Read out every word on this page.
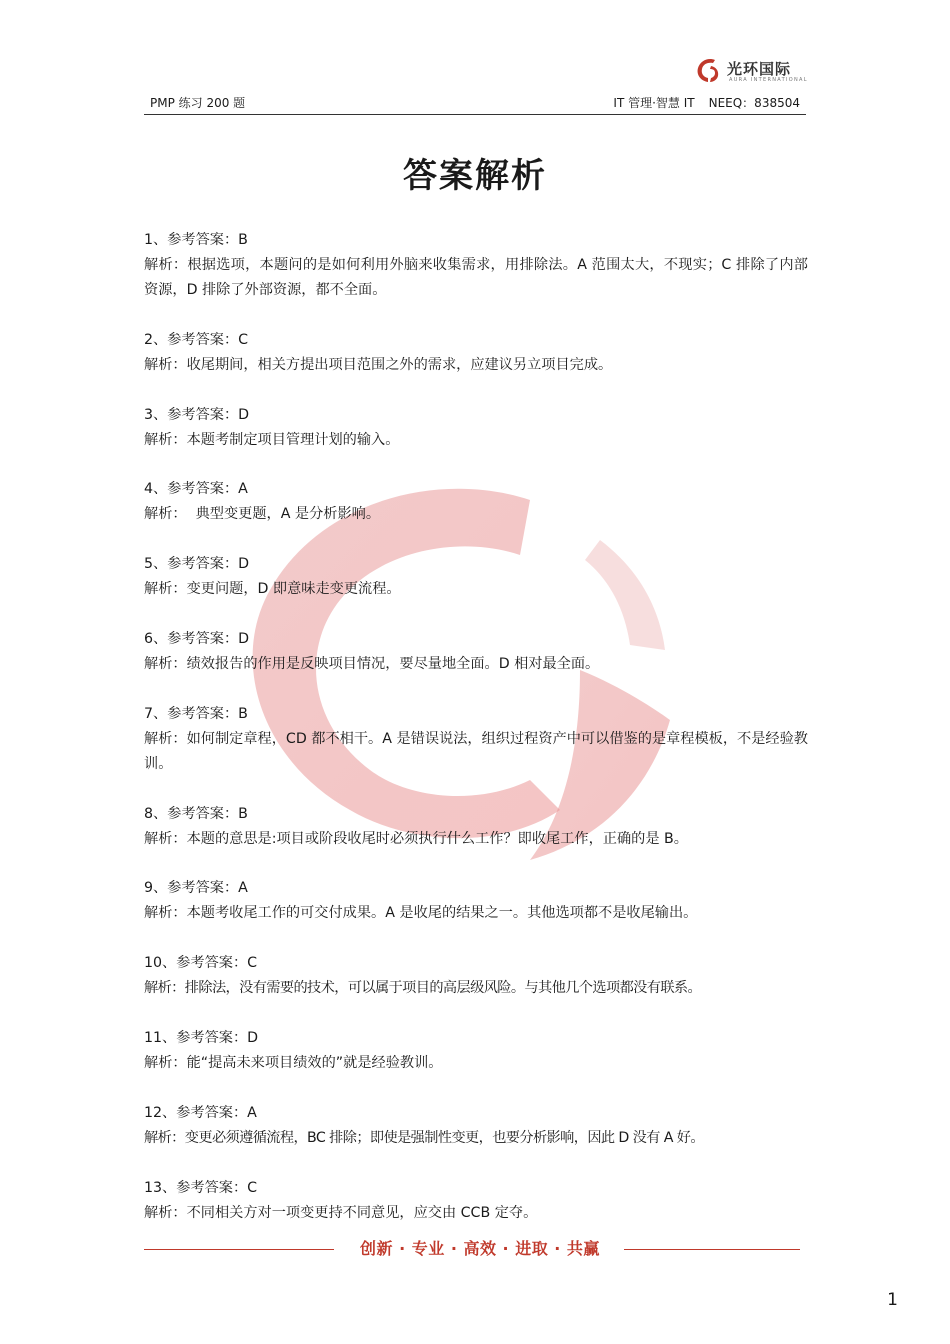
光环国际
AURA INTERNATIONAL
PMP 练习 200 题	IT 管理·智慧 IT NEEQ：838504
答案解析
1、参考答案：B
解析：根据选项，本题问的是如何利用外脑来收集需求，用排除法。A 范围太大，不现实；C 排除了内部资源，D 排除了外部资源，都不全面。
2、参考答案：C
解析：收尾期间，相关方提出项目范围之外的需求，应建议另立项目完成。
3、参考答案：D
解析：本题考制定项目管理计划的输入。
4、参考答案：A
解析：  典型变更题，A 是分析影响。
5、参考答案：D
解析：变更问题，D 即意味走变更流程。
6、参考答案：D
解析：绩效报告的作用是反映项目情况，要尽量地全面。D 相对最全面。
7、参考答案：B
解析：如何制定章程，CD 都不相干。A 是错误说法，组织过程资产中可以借鉴的是章程模板，不是经验教训。
8、参考答案：B
解析：本题的意思是:项目或阶段收尾时必须执行什么工作？即收尾工作，正确的是 B。
9、参考答案：A
解析：本题考收尾工作的可交付成果。A 是收尾的结果之一。其他选项都不是收尾输出。
10、参考答案：C
解析：排除法，没有需要的技术，可以属于项目的高层级风险。与其他几个选项都没有联系。
11、参考答案：D
解析：能“提高未来项目绩效的”就是经验教训。
12、参考答案：A
解析：变更必须遵循流程，BC 排除；即使是强制性变更，也要分析影响，因此 D 没有 A 好。
13、参考答案：C
解析：不同相关方对一项变更持不同意见，应交由 CCB 定夺。
创新 · 专业 · 高效 · 进取 · 共赢
1
